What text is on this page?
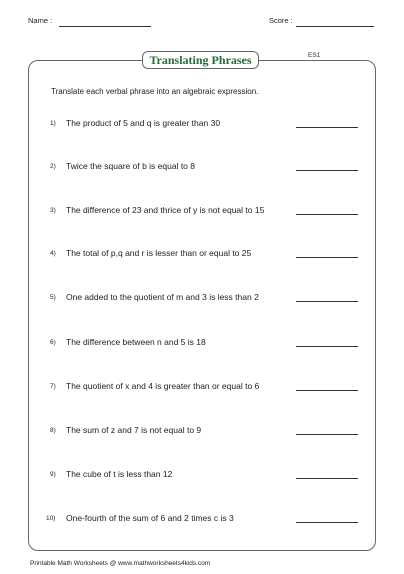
Name :	Score :
Translating Phrases	ES1
Translate each verbal phrase into an algebraic expression.
1) The product of 5 and q is greater than 30
2) Twice the square of b is equal to 8
3) The difference of 23 and thrice of y is not equal to 15
4) The total of p,q and r is lesser than or equal to 25
5) One added to the quotient of m and 3 is less than 2
6) The difference between n and 5 is 18
7) The quotient of x and 4 is greater than or equal to 6
8) The sum of z and 7 is not equal to 9
9) The cube of t is less than 12
10) One-fourth of the sum of 6 and 2 times c is 3
Printable Math Worksheets @ www.mathworksheets4kids.com
